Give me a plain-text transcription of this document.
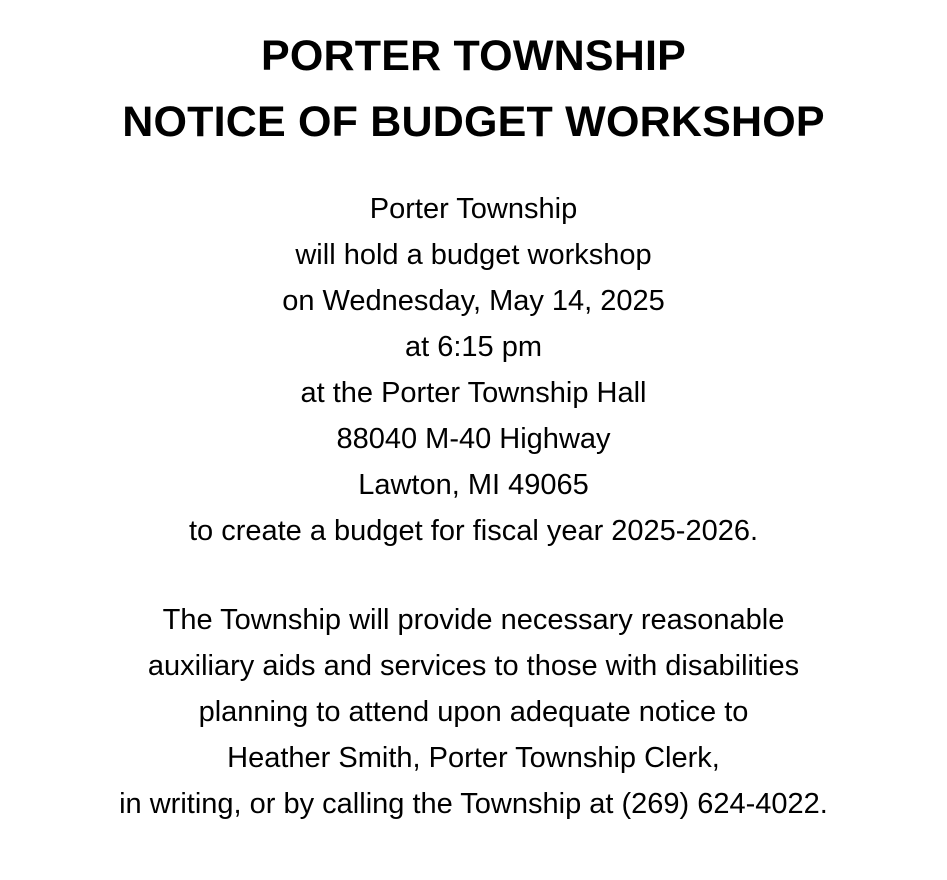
PORTER TOWNSHIP
NOTICE OF BUDGET WORKSHOP
Porter Township
will hold a budget workshop
on Wednesday, May 14, 2025
at 6:15 pm
at the Porter Township Hall
88040 M-40 Highway
Lawton, MI 49065
to create a budget for fiscal year 2025-2026.
The Township will provide necessary reasonable
auxiliary aids and services to those with disabilities
planning to attend upon adequate notice to
Heather Smith, Porter Township Clerk,
in writing, or by calling the Township at (269) 624-4022.
